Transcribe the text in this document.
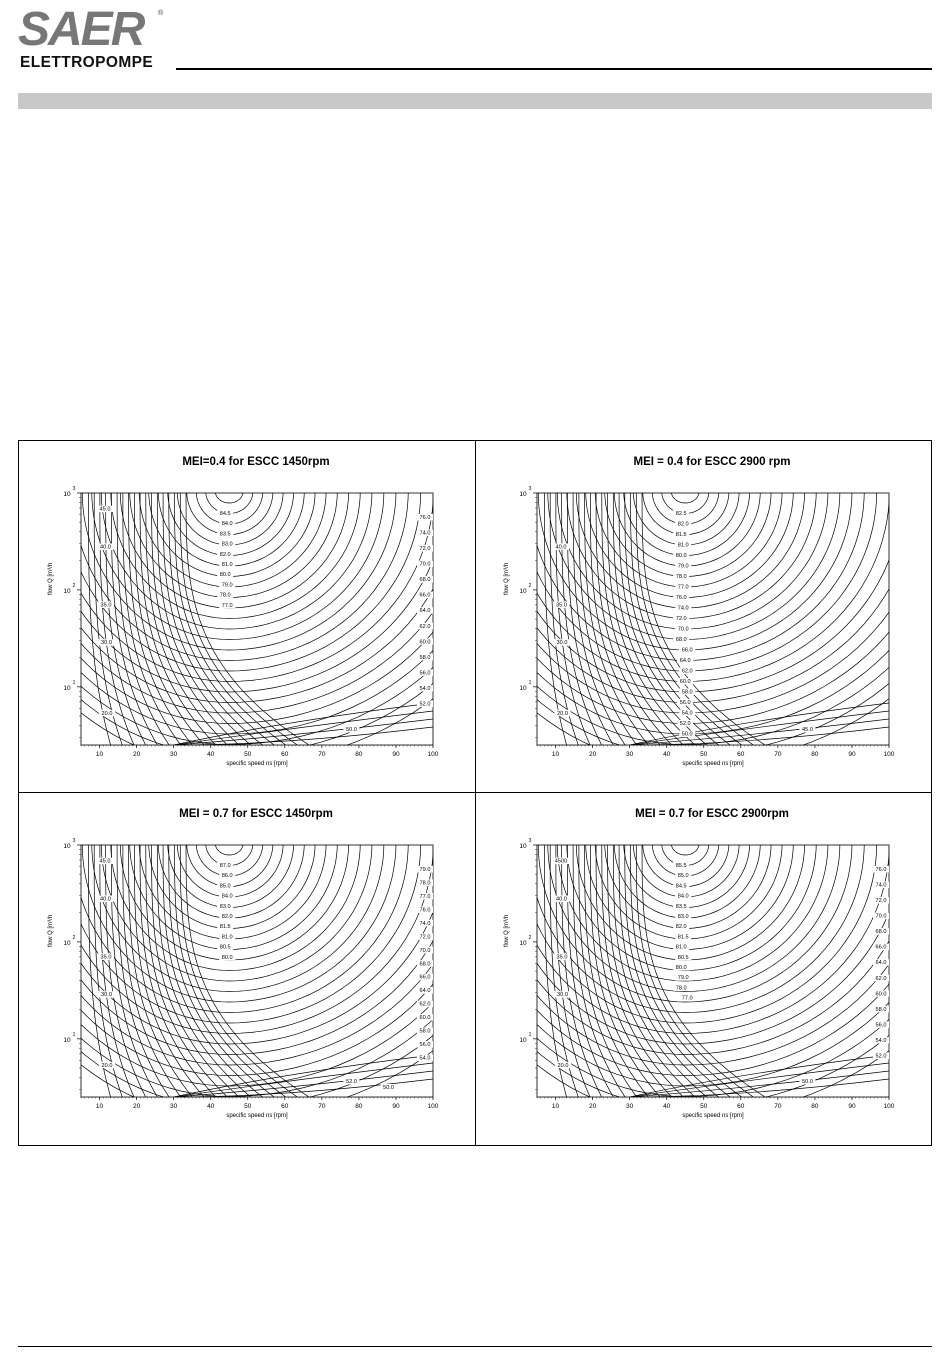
SAER ®
ELETTROPOMPE
MEI=0.4 for ESCC 1450rpm
10	20	30	40	50	60	70	80	90	100
specific speed ns [rpm]
10
1
10
2
10
3
flow Q [m³/h
45.0
40.0
35.0
30.0
20.0
84.5
84.0
83.5
83.0
82.0
81.0
80.0
79.0
78.0
77.0
76.0
74.0
72.0
70.0
68.0
66.0
64.0
62.0
60.0
58.0
56.0
54.0
52.0
50.0
MEI = 0.4 for ESCC 2900 rpm
10	20	30	40	50	60	70	80	90	100
specific speed ns [rpm]
10
1
10
2
10
3
flow Q [m³/h
40.0
35.0
30.0
20.0
82.5
82.0
81.5
81.0
80.0
79.0
78.0
77.0
76.0
74.0
72.0
70.0
68.0
66.0
64.0
62.0
60.0
58.0
56.0
54.0
52.0
50.0
45.0
MEI = 0.7 for ESCC 1450rpm
10	20	30	40	50	60	70	80	90	100
specific speed ns [rpm]
10
1
10
2
10
3
flow Q [m³/h
45.0
40.0
35.0
30.0
20.0
87.0
86.0
85.0
84.0
83.0
82.0
81.5
81.0
80.5
80.0
79.0
78.0
77.0
76.0
74.0
72.0
70.0
68.0
66.0
64.0
62.0
60.0
58.0
56.0
54.0
52.0
50.0
MEI = 0.7 for ESCC 2900rpm
10	20	30	40	50	60	70	80	90	100
specific speed ns [rpm]
10
1
10
2
10
3
flow Q [m³/h
4500
40.0
35.0
30.0
20.0
85.5
85.0
84.5
84.0
83.5
83.0
82.0
81.5
81.0
80.5
80.0
79.0
78.0
77.0
76.0
74.0
72.0
70.0
68.0
66.0
64.0
62.0
60.0
58.0
56.0
54.0
52.0
50.0
